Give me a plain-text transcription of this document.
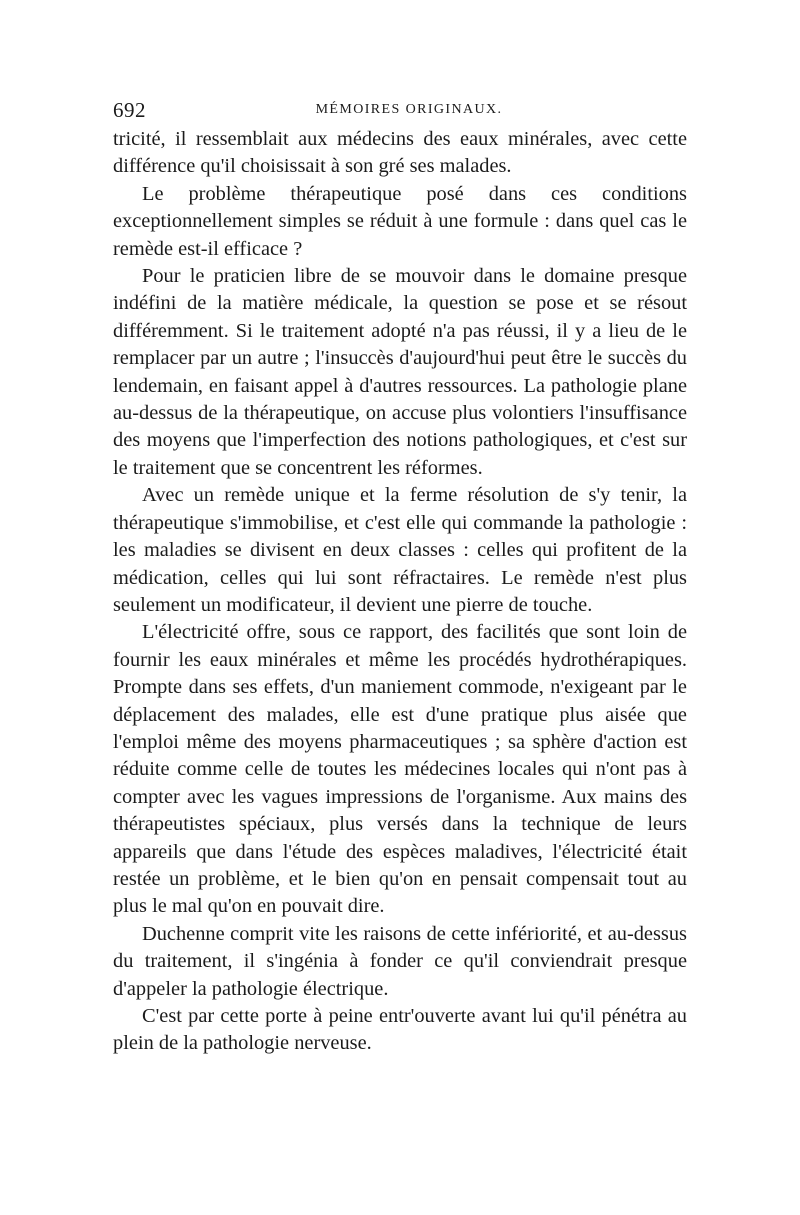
692	MÉMOIRES ORIGINAUX.

tricité, il ressemblait aux médecins des eaux minérales, avec cette différence qu'il choisissait à son gré ses malades.

Le problème thérapeutique posé dans ces conditions exceptionnellement simples se réduit à une formule : dans quel cas le remède est-il efficace ?

Pour le praticien libre de se mouvoir dans le domaine presque indéfini de la matière médicale, la question se pose et se résout différemment. Si le traitement adopté n'a pas réussi, il y a lieu de le remplacer par un autre ; l'insuccès d'aujourd'hui peut être le succès du lendemain, en faisant appel à d'autres ressources. La pathologie plane au-dessus de la thérapeutique, on accuse plus volontiers l'insuffisance des moyens que l'imperfection des notions pathologiques, et c'est sur le traitement que se concentrent les réformes.

Avec un remède unique et la ferme résolution de s'y tenir, la thérapeutique s'immobilise, et c'est elle qui commande la pathologie : les maladies se divisent en deux classes : celles qui profitent de la médication, celles qui lui sont réfractaires. Le remède n'est plus seulement un modificateur, il devient une pierre de touche.

L'électricité offre, sous ce rapport, des facilités que sont loin de fournir les eaux minérales et même les procédés hydrothérapiques. Prompte dans ses effets, d'un maniement commode, n'exigeant par le déplacement des malades, elle est d'une pratique plus aisée que l'emploi même des moyens pharmaceutiques ; sa sphère d'action est réduite comme celle de toutes les médecines locales qui n'ont pas à compter avec les vagues impressions de l'organisme. Aux mains des thérapeutistes spéciaux, plus versés dans la technique de leurs appareils que dans l'étude des espèces maladives, l'électricité était restée un problème, et le bien qu'on en pensait compensait tout au plus le mal qu'on en pouvait dire.

Duchenne comprit vite les raisons de cette infériorité, et au-dessus du traitement, il s'ingénia à fonder ce qu'il conviendrait presque d'appeler la pathologie électrique.

C'est par cette porte à peine entr'ouverte avant lui qu'il pénétra au plein de la pathologie nerveuse.
